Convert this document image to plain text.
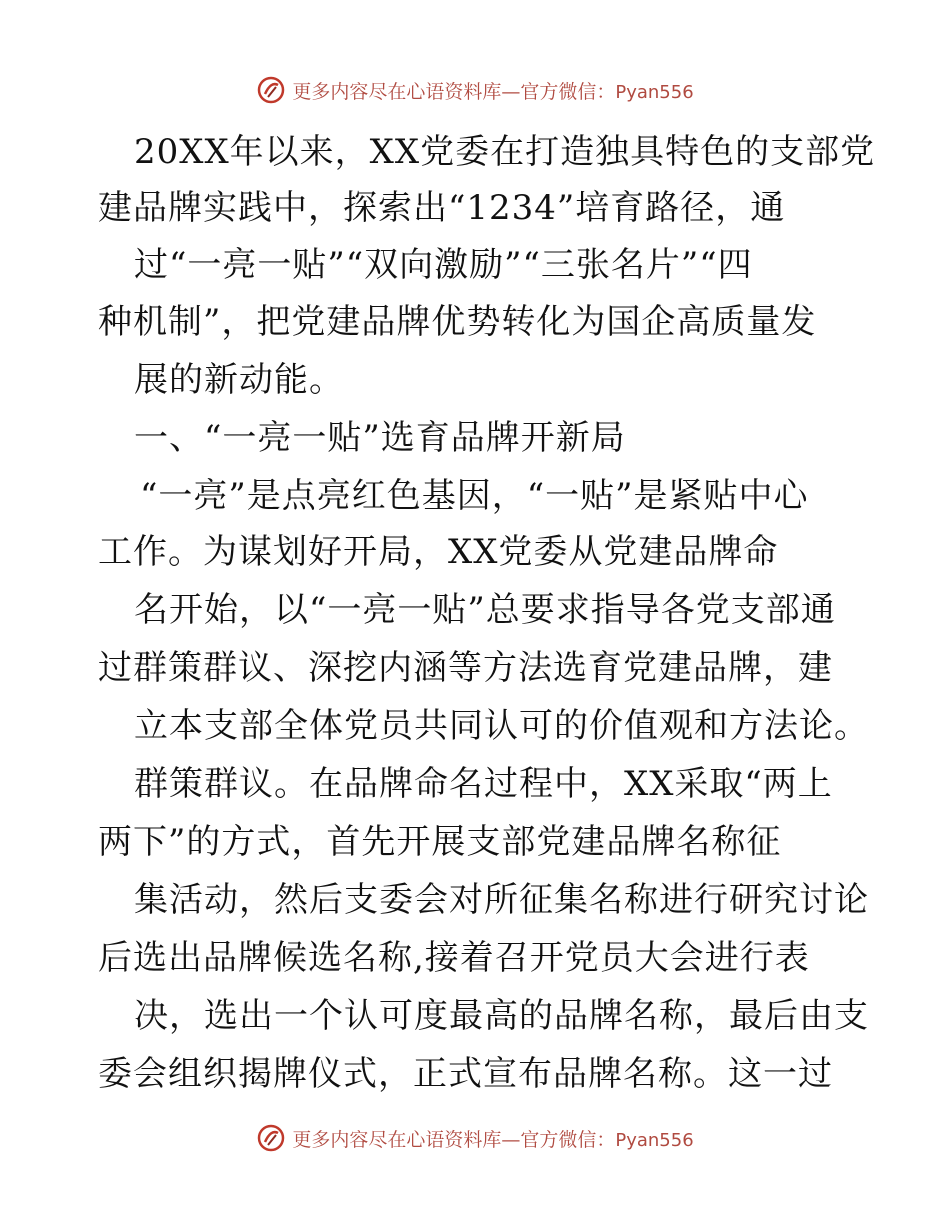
更多内容尽在心语资料库—官方微信：Pyan556
20XX年以来，XX党委在打造独具特色的支部党
建品牌实践中，探索出“1234”培育路径，通
过“一亮一贴”“双向激励”“三张名片”“四
种机制”，把党建品牌优势转化为国企高质量发
展的新动能。
一、“一亮一贴”选育品牌开新局
“一亮”是点亮红色基因，“一贴”是紧贴中心
工作。为谋划好开局，XX党委从党建品牌命
名开始，以“一亮一贴”总要求指导各党支部通
过群策群议、深挖内涵等方法选育党建品牌，建
立本支部全体党员共同认可的价值观和方法论。
群策群议。在品牌命名过程中，XX采取“两上
两下”的方式，首先开展支部党建品牌名称征
集活动，然后支委会对所征集名称进行研究讨论
后选出品牌候选名称,接着召开党员大会进行表
决，选出一个认可度最高的品牌名称，最后由支
委会组织揭牌仪式，正式宣布品牌名称。这一过
更多内容尽在心语资料库—官方微信：Pyan556
